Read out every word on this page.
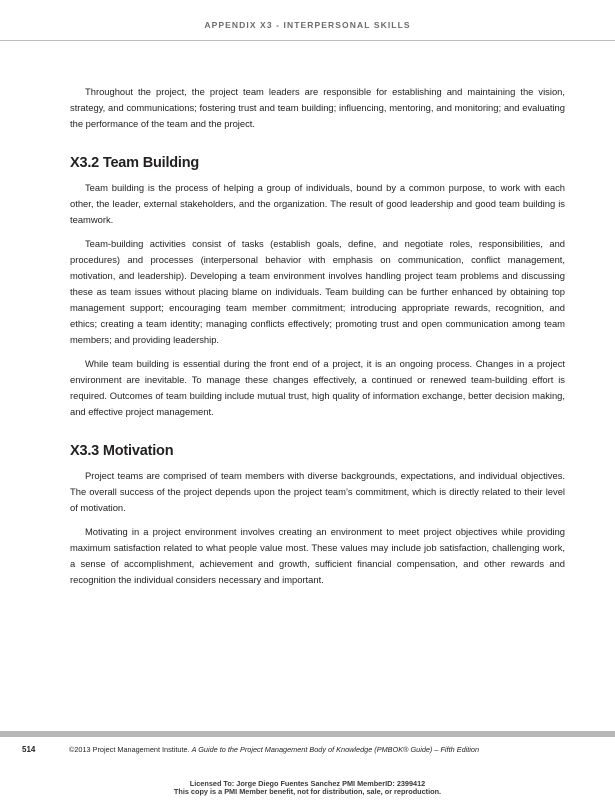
APPENDIX X3 - INTERPERSONAL SKILLS

Throughout the project, the project team leaders are responsible for establishing and maintaining the vision, strategy, and communications; fostering trust and team building; influencing, mentoring, and monitoring; and evaluating the performance of the team and the project.

X3.2 Team Building

Team building is the process of helping a group of individuals, bound by a common purpose, to work with each other, the leader, external stakeholders, and the organization. The result of good leadership and good team building is teamwork.

Team-building activities consist of tasks (establish goals, define, and negotiate roles, responsibilities, and procedures) and processes (interpersonal behavior with emphasis on communication, conflict management, motivation, and leadership). Developing a team environment involves handling project team problems and discussing these as team issues without placing blame on individuals. Team building can be further enhanced by obtaining top management support; encouraging team member commitment; introducing appropriate rewards, recognition, and ethics; creating a team identity; managing conflicts effectively; promoting trust and open communication among team members; and providing leadership.

While team building is essential during the front end of a project, it is an ongoing process. Changes in a project environment are inevitable. To manage these changes effectively, a continued or renewed team-building effort is required. Outcomes of team building include mutual trust, high quality of information exchange, better decision making, and effective project management.

X3.3 Motivation

Project teams are comprised of team members with diverse backgrounds, expectations, and individual objectives. The overall success of the project depends upon the project team’s commitment, which is directly related to their level of motivation.

Motivating in a project environment involves creating an environment to meet project objectives while providing maximum satisfaction related to what people value most. These values may include job satisfaction, challenging work, a sense of accomplishment, achievement and growth, sufficient financial compensation, and other rewards and recognition the individual considers necessary and important.

514	©2013 Project Management Institute. A Guide to the Project Management Body of Knowledge (PMBOK® Guide) – Fifth Edition
Licensed To: Jorge Diego Fuentes Sanchez PMI MemberID: 2399412
This copy is a PMI Member benefit, not for distribution, sale, or reproduction.
